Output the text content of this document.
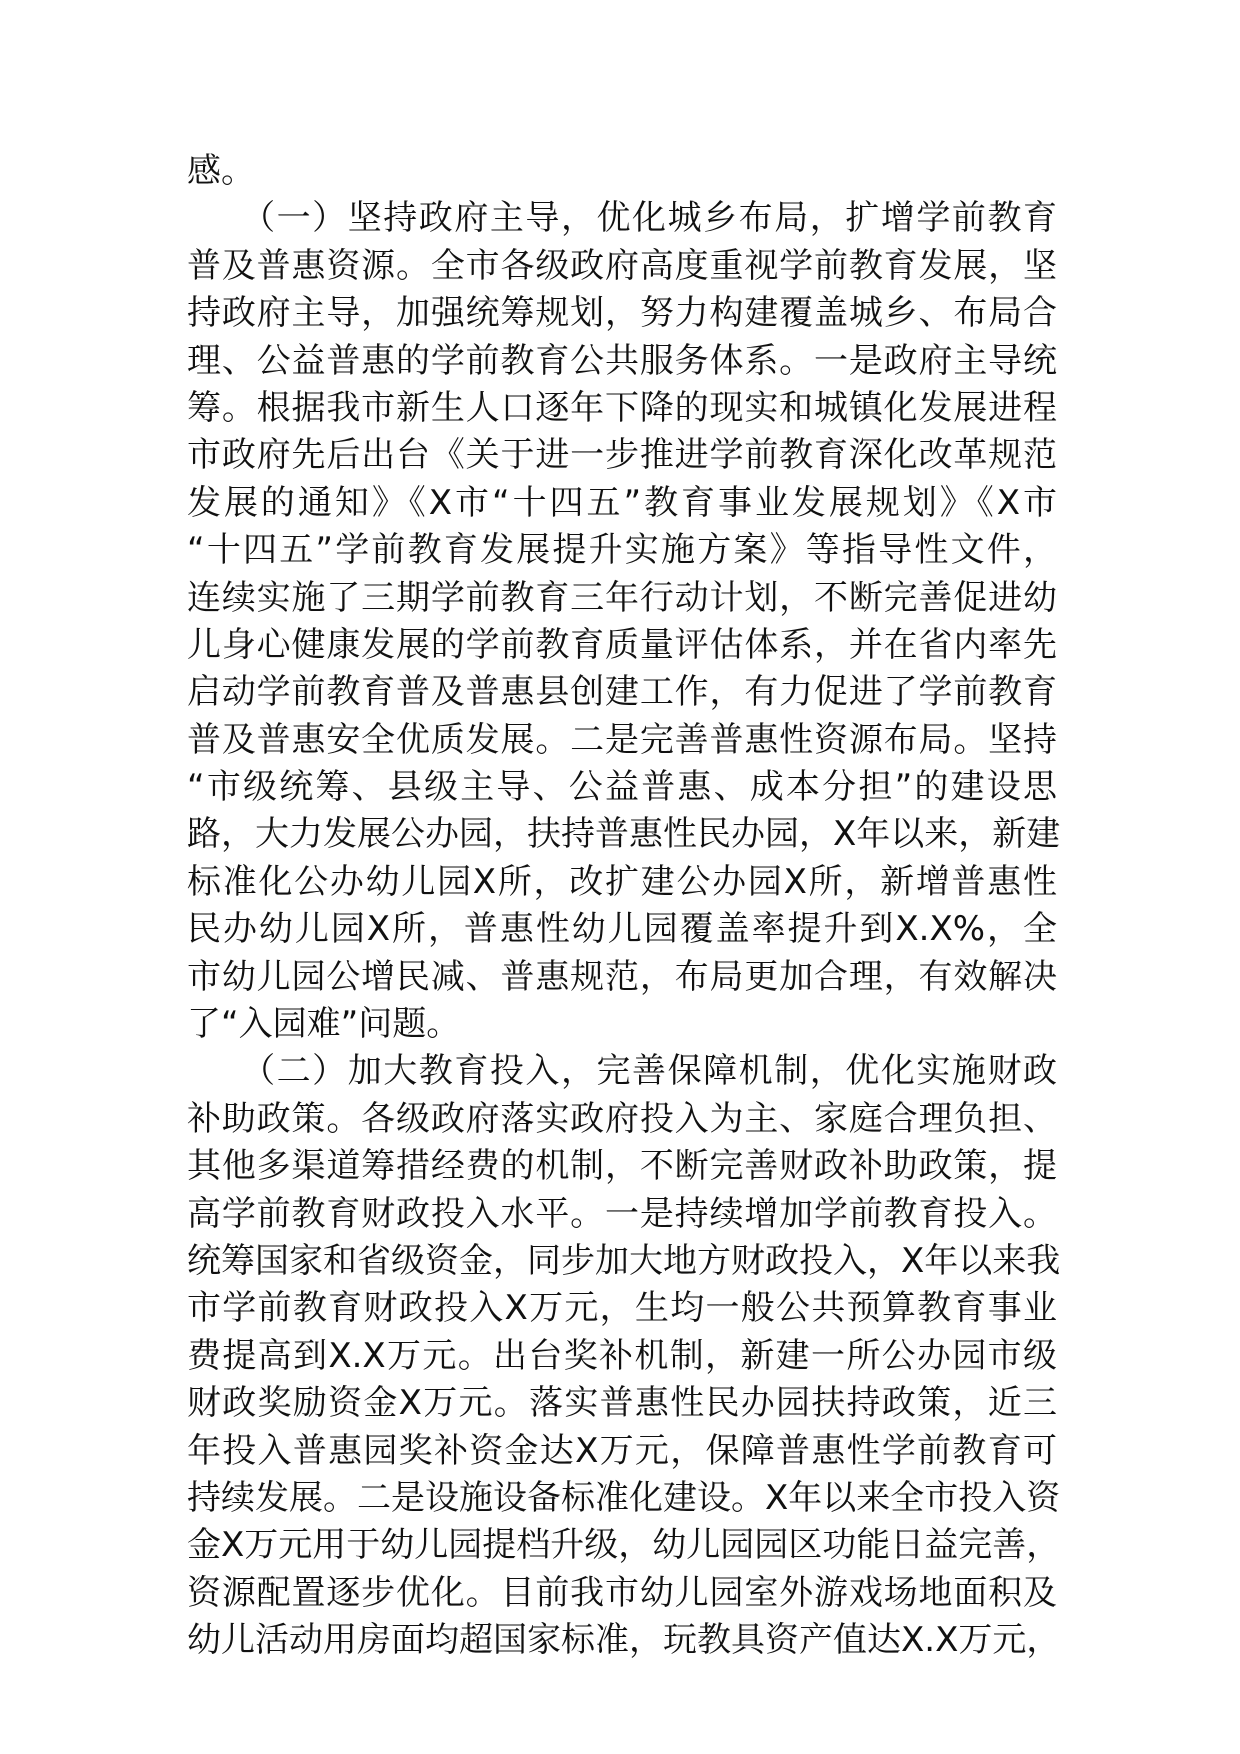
感。
　　（一）坚持政府主导，优化城乡布局，扩增学前教育
普及普惠资源。全市各级政府高度重视学前教育发展，坚
持政府主导，加强统筹规划，努力构建覆盖城乡、布局合
理、公益普惠的学前教育公共服务体系。一是政府主导统
筹。根据我市新生人口逐年下降的现实和城镇化发展进程
市政府先后出台《关于进一步推进学前教育深化改革规范
发展的通知》《X市“十四五”教育事业发展规划》《X市
“十四五”学前教育发展提升实施方案》等指导性文件，
连续实施了三期学前教育三年行动计划，不断完善促进幼
儿身心健康发展的学前教育质量评估体系，并在省内率先
启动学前教育普及普惠县创建工作，有力促进了学前教育
普及普惠安全优质发展。二是完善普惠性资源布局。坚持
“市级统筹、县级主导、公益普惠、成本分担”的建设思
路，大力发展公办园，扶持普惠性民办园，X年以来，新建
标准化公办幼儿园X所，改扩建公办园X所，新增普惠性
民办幼儿园X所，普惠性幼儿园覆盖率提升到X.X%，全
市幼儿园公增民减、普惠规范，布局更加合理，有效解决
了“入园难”问题。
　　（二）加大教育投入，完善保障机制，优化实施财政
补助政策。各级政府落实政府投入为主、家庭合理负担、
其他多渠道筹措经费的机制，不断完善财政补助政策，提
高学前教育财政投入水平。一是持续增加学前教育投入。
统筹国家和省级资金，同步加大地方财政投入，X年以来我
市学前教育财政投入X万元，生均一般公共预算教育事业
费提高到X.X万元。出台奖补机制，新建一所公办园市级
财政奖励资金X万元。落实普惠性民办园扶持政策，近三
年投入普惠园奖补资金达X万元，保障普惠性学前教育可
持续发展。二是设施设备标准化建设。X年以来全市投入资
金X万元用于幼儿园提档升级，幼儿园园区功能日益完善，
资源配置逐步优化。目前我市幼儿园室外游戏场地面积及
幼儿活动用房面均超国家标准，玩教具资产值达X.X万元，
